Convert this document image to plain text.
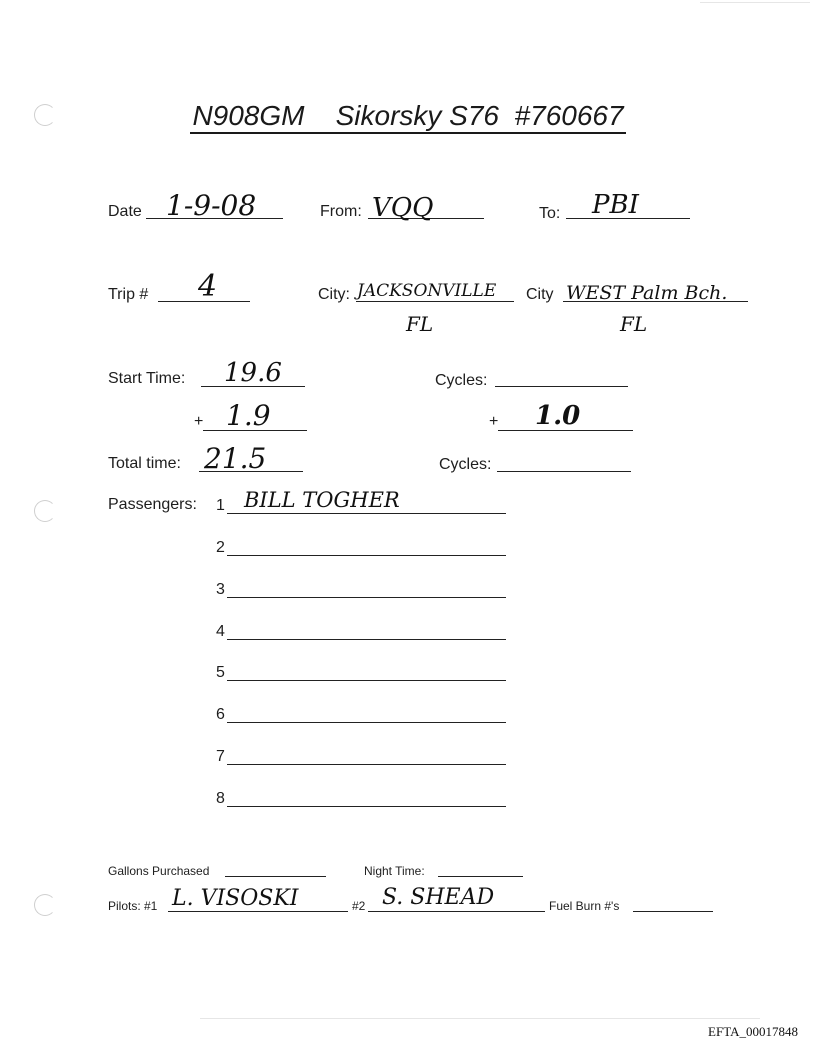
N908GM    Sikorsky S76  #760667
Date 1-9-08	From: VQQ	To: PBI
Trip # 4	City: JACKSONVILLE
FL
City WEST Palm Bch.
FL
Start Time: 19.6	Cycles:
+ 1.9	+ 1.0
Total time: 21.5	Cycles:
Passengers: 1 BILL TOGHER
2
3
4
5
6
7
8
Gallons Purchased	Night Time:
Pilots: #1 L. VISOSKI	#2 S. SHEAD	Fuel Burn #'s
EFTA_00017848
